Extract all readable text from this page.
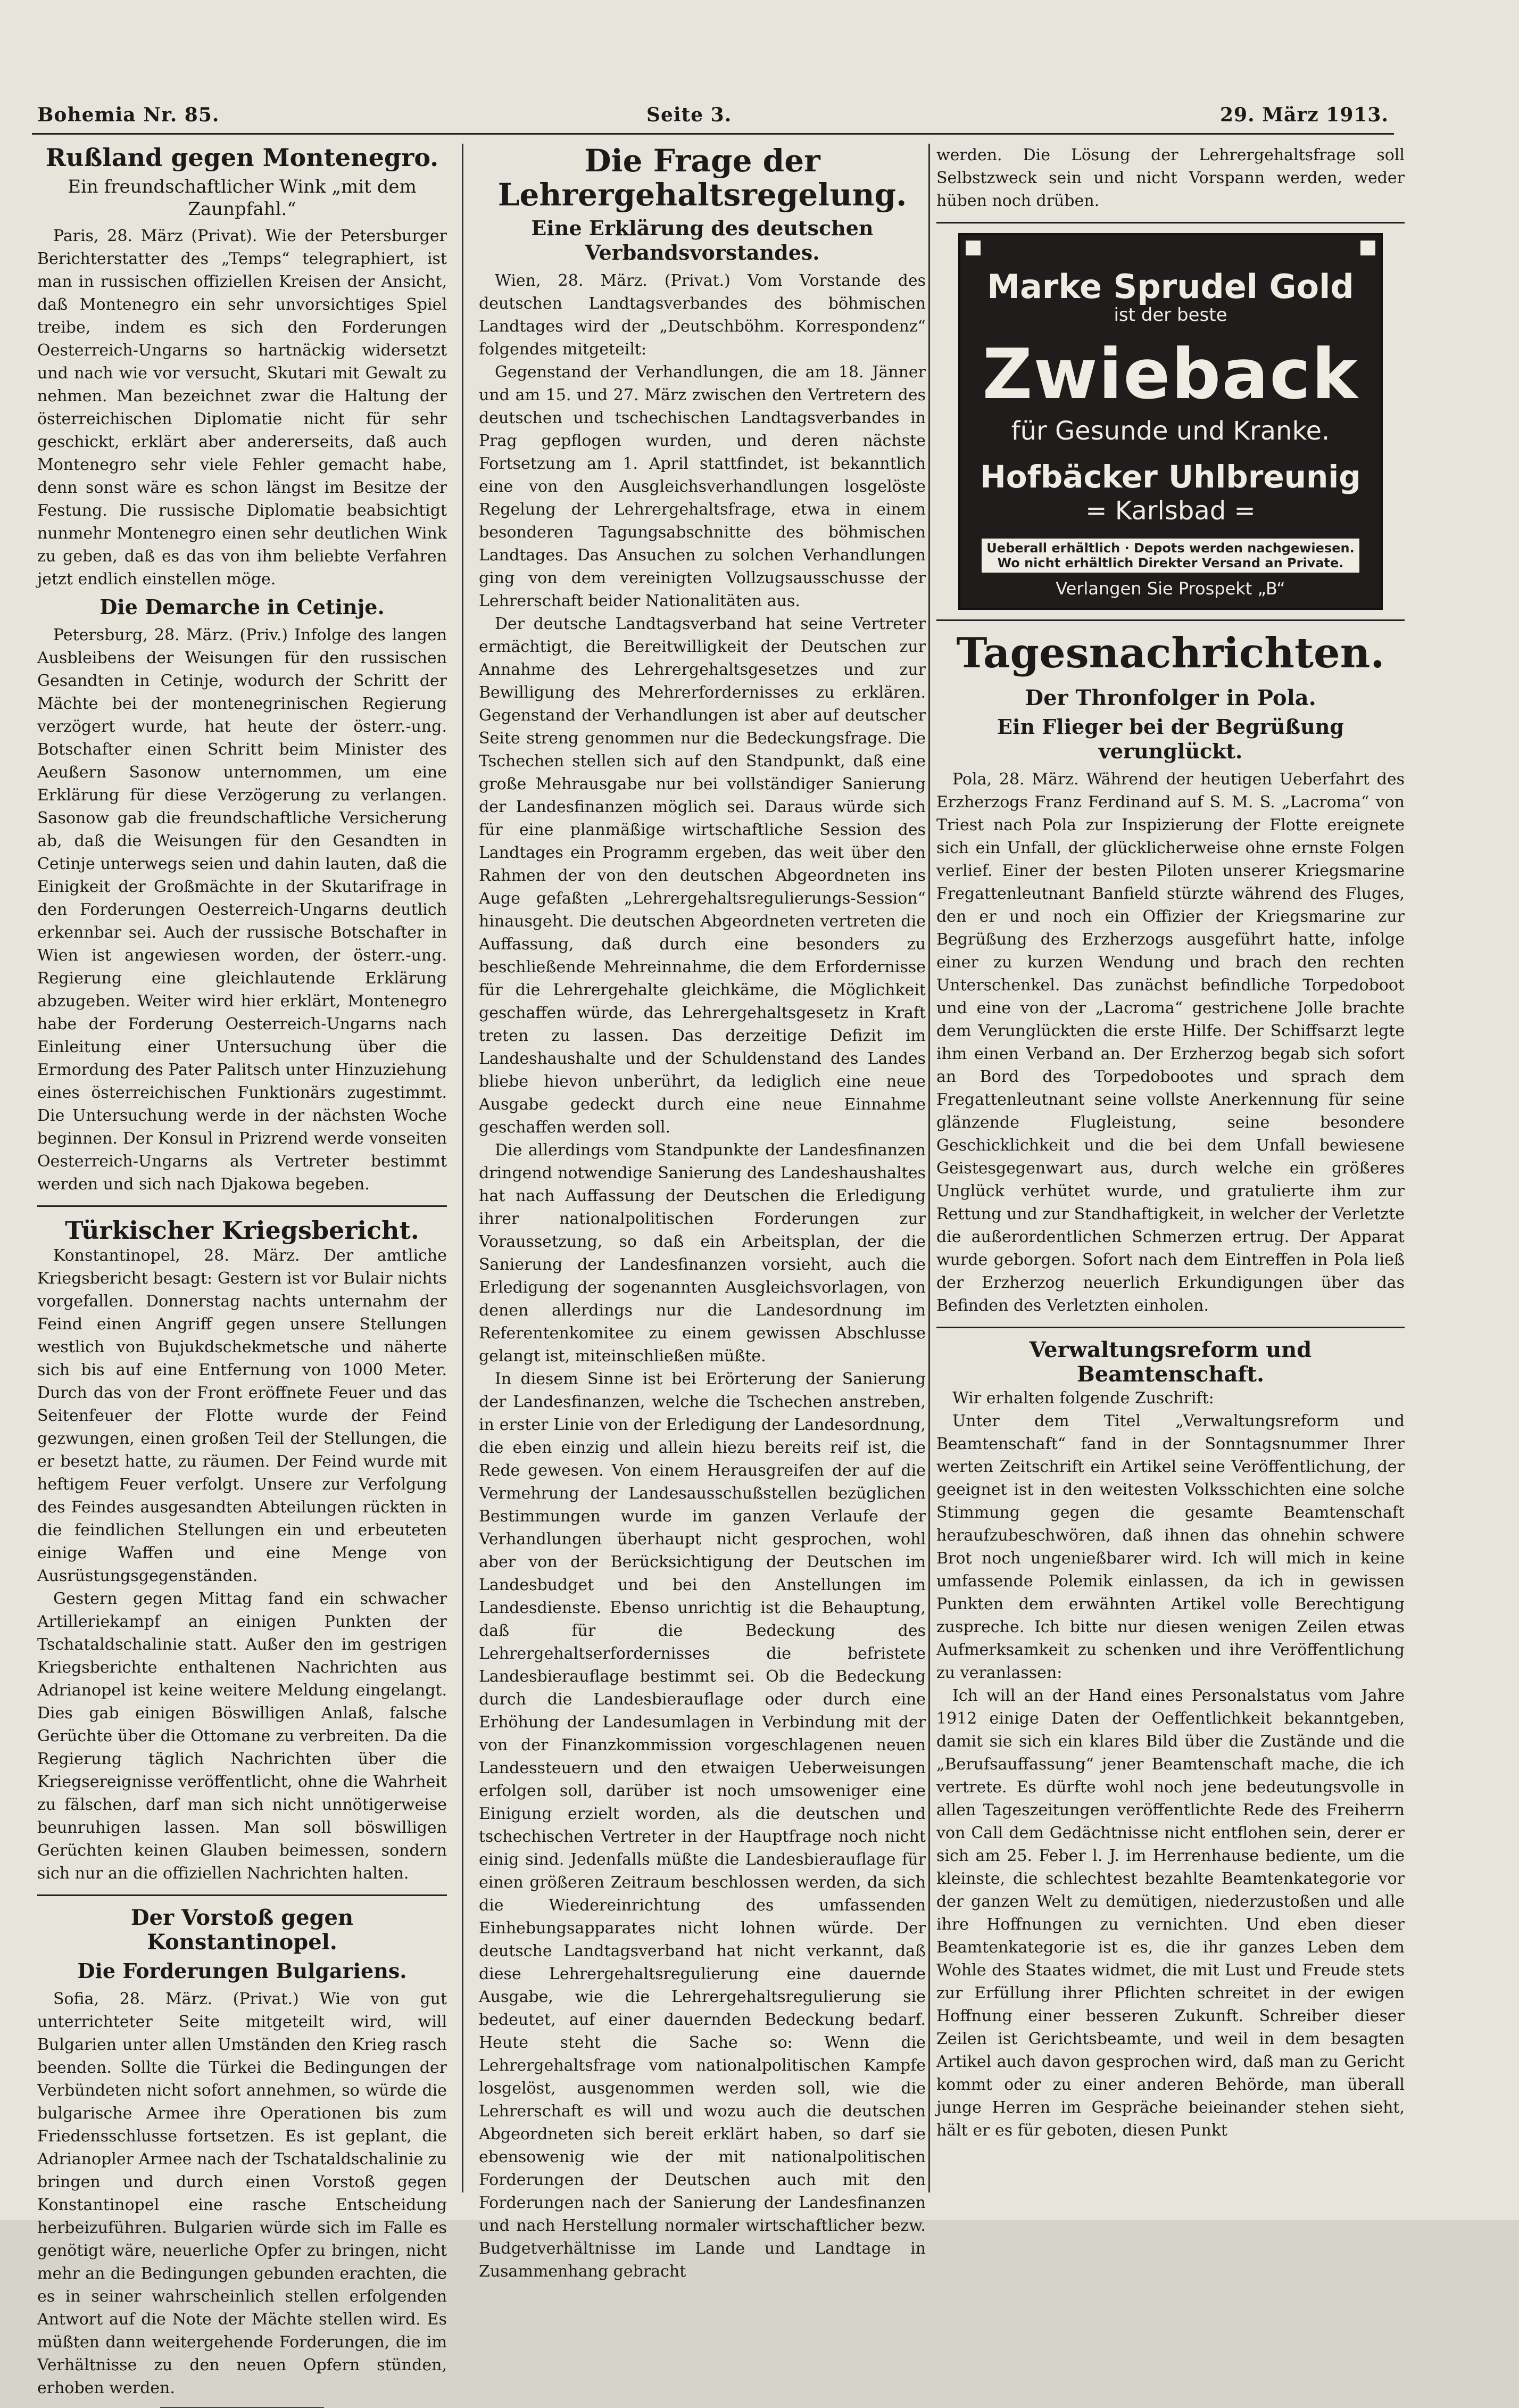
Bohemia Nr. 85.	Seite 3.	29. März 1913.
Rußland gegen Montenegro.

Ein freundschaftlicher Wink „mit dem Zaunpfahl.“

Paris, 28. März (Privat). Wie der Petersburger Berichterstatter des „Temps“ telegraphiert, ist man in russischen offiziellen Kreisen der Ansicht, daß Montenegro ein sehr unvorsichtiges Spiel treibe, indem es sich den Forderungen Oesterreich-Ungarns so hartnäckig widersetzt und nach wie vor versucht, Skutari mit Gewalt zu nehmen. Man bezeichnet zwar die Haltung der österreichischen Diplomatie nicht für sehr geschickt, erklärt aber andererseits, daß auch Montenegro sehr viele Fehler gemacht habe, denn sonst wäre es schon längst im Besitze der Festung. Die russische Diplomatie beabsichtigt nunmehr Montenegro einen sehr deutlichen Wink zu geben, daß es das von ihm beliebte Verfahren jetzt endlich einstellen möge.

Die Demarche in Cetinje.

Petersburg, 28. März. (Priv.) Infolge des langen Ausbleibens der Weisungen für den russischen Gesandten in Cetinje, wodurch der Schritt der Mächte bei der montenegrinischen Regierung verzögert wurde, hat heute der österr.-ung. Botschafter einen Schritt beim Minister des Aeußern Sasonow unternommen, um eine Erklärung für diese Verzögerung zu verlangen. Sasonow gab die freundschaftliche Versicherung ab, daß die Weisungen für den Gesandten in Cetinje unterwegs seien und dahin lauten, daß die Einigkeit der Großmächte in der Skutarifrage in den Forderungen Oesterreich-Ungarns deutlich erkennbar sei. Auch der russische Botschafter in Wien ist angewiesen worden, der österr.-ung. Regierung eine gleichlautende Erklärung abzugeben. Weiter wird hier erklärt, Montenegro habe der Forderung Oesterreich-Ungarns nach Einleitung einer Untersuchung über die Ermordung des Pater Palitsch unter Hinzuziehung eines österreichischen Funktionärs zugestimmt. Die Untersuchung werde in der nächsten Woche beginnen. Der Konsul in Prizrend werde vonseiten Oesterreich-Ungarns als Vertreter bestimmt werden und sich nach Djakowa begeben.

Türkischer Kriegsbericht.

Konstantinopel, 28. März. Der amtliche Kriegsbericht besagt: Gestern ist vor Bulair nichts vorgefallen. Donnerstag nachts unternahm der Feind einen Angriff gegen unsere Stellungen westlich von Bujukdschekmetsche und näherte sich bis auf eine Entfernung von 1000 Meter. Durch das von der Front eröffnete Feuer und das Seitenfeuer der Flotte wurde der Feind gezwungen, einen großen Teil der Stellungen, die er besetzt hatte, zu räumen. Der Feind wurde mit heftigem Feuer verfolgt. Unsere zur Verfolgung des Feindes ausgesandten Abteilungen rückten in die feindlichen Stellungen ein und erbeuteten einige Waffen und eine Menge von Ausrüstungsgegenständen.

Gestern gegen Mittag fand ein schwacher Artilleriekampf an einigen Punkten der Tschataldschalinie statt. Außer den im gestrigen Kriegsberichte enthaltenen Nachrichten aus Adrianopel ist keine weitere Meldung eingelangt. Dies gab einigen Böswilligen Anlaß, falsche Gerüchte über die Ottomane zu verbreiten. Da die Regierung täglich Nachrichten über die Kriegsereignisse veröffentlicht, ohne die Wahrheit zu fälschen, darf man sich nicht unnötigerweise beunruhigen lassen. Man soll böswilligen Gerüchten keinen Glauben beimessen, sondern sich nur an die offiziellen Nachrichten halten.

Der Vorstoß gegen Konstantinopel.

Die Forderungen Bulgariens.

Sofia, 28. März. (Privat.) Wie von gut unterrichteter Seite mitgeteilt wird, will Bulgarien unter allen Umständen den Krieg rasch beenden. Sollte die Türkei die Bedingungen der Verbündeten nicht sofort annehmen, so würde die bulgarische Armee ihre Operationen bis zum Friedensschlusse fortsetzen. Es ist geplant, die Adrianopler Armee nach der Tschataldschalinie zu bringen und durch einen Vorstoß gegen Konstantinopel eine rasche Entscheidung herbeizuführen. Bulgarien würde sich im Falle es genötigt wäre, neuerliche Opfer zu bringen, nicht mehr an die Bedingungen gebunden erachten, die es in seiner wahrscheinlich stellen erfolgenden Antwort auf die Note der Mächte stellen wird. Es müßten dann weitergehende Forderungen, die im Verhältnisse zu den neuen Opfern stünden, erhoben werden.

Die Frage der Lehrergehaltsregelung.

Eine Erklärung des deutschen Verbandsvorstandes.

Wien, 28. März. (Privat.) Vom Vorstande des deutschen Landtagsverbandes des böhmischen Landtages wird der „Deutschböhm. Korrespondenz“ folgendes mitgeteilt:

Gegenstand der Verhandlungen, die am 18. Jänner und am 15. und 27. März zwischen den Vertretern des deutschen und tschechischen Landtagsverbandes in Prag gepflogen wurden, und deren nächste Fortsetzung am 1. April stattfindet, ist bekanntlich eine von den Ausgleichsverhandlungen losgelöste Regelung der Lehrergehaltsfrage, etwa in einem besonderen Tagungsabschnitte des böhmischen Landtages. Das Ansuchen zu solchen Verhandlungen ging von dem vereinigten Vollzugsausschusse der Lehrerschaft beider Nationalitäten aus.

Der deutsche Landtagsverband hat seine Vertreter ermächtigt, die Bereitwilligkeit der Deutschen zur Annahme des Lehrergehaltsgesetzes und zur Bewilligung des Mehrerfordernisses zu erklären. Gegenstand der Verhandlungen ist aber auf deutscher Seite streng genommen nur die Bedeckungsfrage. Die Tschechen stellen sich auf den Standpunkt, daß eine große Mehrausgabe nur bei vollständiger Sanierung der Landesfinanzen möglich sei. Daraus würde sich für eine planmäßige wirtschaftliche Session des Landtages ein Programm ergeben, das weit über den Rahmen der von den deutschen Abgeordneten ins Auge gefaßten „Lehrergehaltsregulierungs-Session“ hinausgeht. Die deutschen Abgeordneten vertreten die Auffassung, daß durch eine besonders zu beschließende Mehreinnahme, die dem Erfordernisse für die Lehrergehalte gleichkäme, die Möglichkeit geschaffen würde, das Lehrergehaltsgesetz in Kraft treten zu lassen. Das derzeitige Defizit im Landeshaushalte und der Schuldenstand des Landes bliebe hievon unberührt, da lediglich eine neue Ausgabe gedeckt durch eine neue Einnahme geschaffen werden soll.

Die allerdings vom Standpunkte der Landesfinanzen dringend notwendige Sanierung des Landeshaushaltes hat nach Auffassung der Deutschen die Erledigung ihrer nationalpolitischen Forderungen zur Voraussetzung, so daß ein Arbeitsplan, der die Sanierung der Landesfinanzen vorsieht, auch die Erledigung der sogenannten Ausgleichsvorlagen, von denen allerdings nur die Landesordnung im Referentenkomitee zu einem gewissen Abschlusse gelangt ist, miteinschließen müßte.

In diesem Sinne ist bei Erörterung der Sanierung der Landesfinanzen, welche die Tschechen anstreben, in erster Linie von der Erledigung der Landesordnung, die eben einzig und allein hiezu bereits reif ist, die Rede gewesen. Von einem Herausgreifen der auf die Vermehrung der Landesausschußstellen bezüglichen Bestimmungen wurde im ganzen Verlaufe der Verhandlungen überhaupt nicht gesprochen, wohl aber von der Berücksichtigung der Deutschen im Landesbudget und bei den Anstellungen im Landesdienste. Ebenso unrichtig ist die Behauptung, daß für die Bedeckung des Lehrergehaltserfordernisses die befristete Landesbierauflage bestimmt sei. Ob die Bedeckung durch die Landesbierauflage oder durch eine Erhöhung der Landesumlagen in Verbindung mit der von der Finanzkommission vorgeschlagenen neuen Landessteuern und den etwaigen Ueberweisungen erfolgen soll, darüber ist noch umsoweniger eine Einigung erzielt worden, als die deutschen und tschechischen Vertreter in der Hauptfrage noch nicht einig sind. Jedenfalls müßte die Landesbierauflage für einen größeren Zeitraum beschlossen werden, da sich die Wiedereinrichtung des umfassenden Einhebungsapparates nicht lohnen würde. Der deutsche Landtagsverband hat nicht verkannt, daß diese Lehrergehaltsregulierung eine dauernde Ausgabe, wie die Lehrergehaltsregulierung sie bedeutet, auf einer dauernden Bedeckung bedarf. Heute steht die Sache so: Wenn die Lehrergehaltsfrage vom nationalpolitischen Kampfe losgelöst, ausgenommen werden soll, wie die Lehrerschaft es will und wozu auch die deutschen Abgeordneten sich bereit erklärt haben, so darf sie ebensowenig wie der mit nationalpolitischen Forderungen der Deutschen auch mit den Forderungen nach der Sanierung der Landesfinanzen und nach Herstellung normaler wirtschaftlicher bezw. Budgetverhältnisse im Lande und Landtage in Zusammenhang gebracht

werden. Die Lösung der Lehrergehaltsfrage soll Selbstzweck sein und nicht Vorspann werden, weder hüben noch drüben.

Marke Sprudel Gold
ist der beste
Zwieback
für Gesunde und Kranke.
Hofbäcker Uhlbreunig
= Karlsbad =
Ueberall erhältlich · Depots werden nachgewiesen. Wo nicht erhältlich Direkter Versand an Private.
Verlangen Sie Prospekt „B“
Tagesnachrichten.
Der Thronfolger in Pola.

Ein Flieger bei der Begrüßung verunglückt.

Pola, 28. März. Während der heutigen Ueberfahrt des Erzherzogs Franz Ferdinand auf S. M. S. „Lacroma“ von Triest nach Pola zur Inspizierung der Flotte ereignete sich ein Unfall, der glücklicherweise ohne ernste Folgen verlief. Einer der besten Piloten unserer Kriegsmarine Fregattenleutnant Banfield stürzte während des Fluges, den er und noch ein Offizier der Kriegsmarine zur Begrüßung des Erzherzogs ausgeführt hatte, infolge einer zu kurzen Wendung und brach den rechten Unterschenkel. Das zunächst befindliche Torpedoboot und eine von der „Lacroma“ gestrichene Jolle brachte dem Verunglückten die erste Hilfe. Der Schiffsarzt legte ihm einen Verband an. Der Erzherzog begab sich sofort an Bord des Torpedobootes und sprach dem Fregattenleutnant seine vollste Anerkennung für seine glänzende Flugleistung, seine besondere Geschicklichkeit und die bei dem Unfall bewiesene Geistesgegenwart aus, durch welche ein größeres Unglück verhütet wurde, und gratulierte ihm zur Rettung und zur Standhaftigkeit, in welcher der Verletzte die außerordentlichen Schmerzen ertrug. Der Apparat wurde geborgen. Sofort nach dem Eintreffen in Pola ließ der Erzherzog neuerlich Erkundigungen über das Befinden des Verletzten einholen.

Verwaltungsreform und Beamtenschaft.

Wir erhalten folgende Zuschrift:

Unter dem Titel „Verwaltungsreform und Beamtenschaft“ fand in der Sonntagsnummer Ihrer werten Zeitschrift ein Artikel seine Veröffentlichung, der geeignet ist in den weitesten Volksschichten eine solche Stimmung gegen die gesamte Beamtenschaft heraufzubeschwören, daß ihnen das ohnehin schwere Brot noch ungenießbarer wird. Ich will mich in keine umfassende Polemik einlassen, da ich in gewissen Punkten dem erwähnten Artikel volle Berechtigung zuspreche. Ich bitte nur diesen wenigen Zeilen etwas Aufmerksamkeit zu schenken und ihre Veröffentlichung zu veranlassen:

Ich will an der Hand eines Personalstatus vom Jahre 1912 einige Daten der Oeffentlichkeit bekanntgeben, damit sie sich ein klares Bild über die Zustände und die „Berufsauffassung“ jener Beamtenschaft mache, die ich vertrete. Es dürfte wohl noch jene bedeutungsvolle in allen Tageszeitungen veröffentlichte Rede des Freiherrn von Call dem Gedächtnisse nicht entflohen sein, derer er sich am 25. Feber l. J. im Herrenhause bediente, um die kleinste, die schlechtest bezahlte Beamtenkategorie vor der ganzen Welt zu demütigen, niederzustoßen und alle ihre Hoffnungen zu vernichten. Und eben dieser Beamtenkategorie ist es, die ihr ganzes Leben dem Wohle des Staates widmet, die mit Lust und Freude stets zur Erfüllung ihrer Pflichten schreitet in der ewigen Hoffnung einer besseren Zukunft. Schreiber dieser Zeilen ist Gerichtsbeamte, und weil in dem besagten Artikel auch davon gesprochen wird, daß man zu Gericht kommt oder zu einer anderen Behörde, man überall junge Herren im Gespräche beieinander stehen sieht, hält er es für geboten, diesen Punkt
